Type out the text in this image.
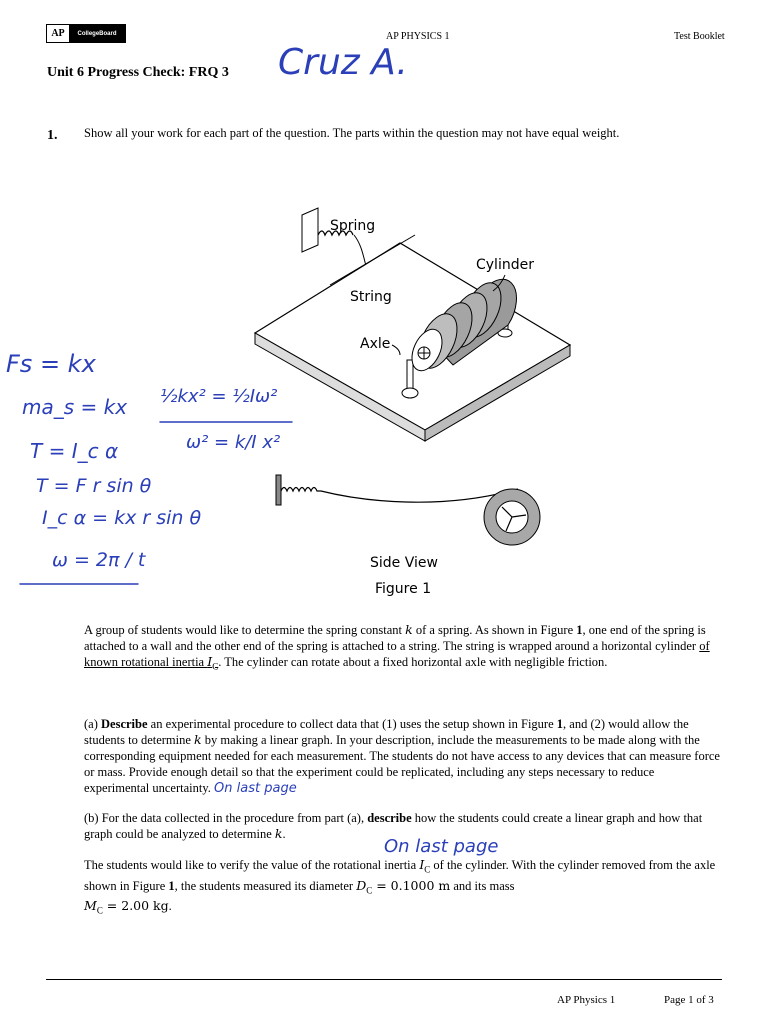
AP	CollegeBoard	AP PHYSICS 1	Test Booklet
Unit 6 Progress Check: FRQ 3 Cruz A.
1. Show all your work for each part of the question. The parts within the question may not have equal weight.
Spring
Cylinder
String
Axle
Side View
Figure 1
Fs = kx
ma_s = kx
T = I_c α
T = F r sin θ
I_c α = kx r sin θ
ω = 2π / t
½kx² = ½Iω²
ω² = k/I x²
A group of students would like to determine the spring constant k of a spring. As shown in Figure 1, one end of the spring is attached to a wall and the other end of the spring is attached to a string. The string is wrapped around a horizontal cylinder of known rotational inertia $I_C$. The cylinder can rotate about a fixed horizontal axle with negligible friction.
(a) Describe an experimental procedure to collect data that (1) uses the setup shown in Figure 1, and (2) would allow the students to determine k by making a linear graph. In your description, include the measurements to be made along with the corresponding equipment needed for each measurement. The students do not have access to any devices that can measure force or mass. Provide enough detail so that the experiment could be replicated, including any steps necessary to reduce experimental uncertainty. On last page
(b) For the data collected in the procedure from part (a), describe how the students could create a linear graph and how that graph could be analyzed to determine k.
On last page
The students would like to verify the value of the rotational inertia $I_C$ of the cylinder. With the cylinder removed from the axle shown in Figure 1, the students measured its diameter $D_C = 0.1000$ m and its mass
$M_C = 2.00$ kg.
AP Physics 1	Page 1 of 3
